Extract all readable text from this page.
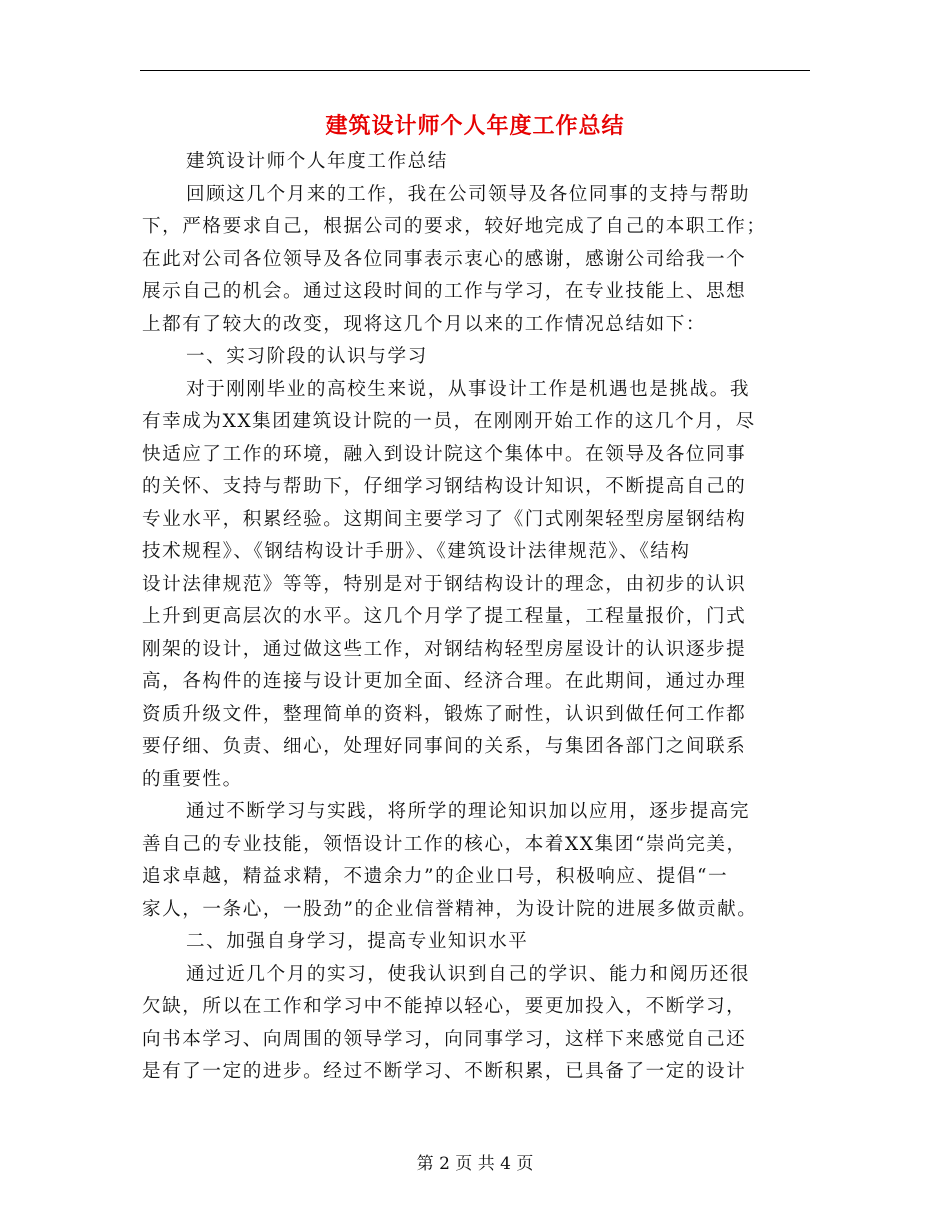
建筑设计师个人年度工作总结
建筑设计师个人年度工作总结
回顾这几个月来的工作，我在公司领导及各位同事的支持与帮助
下，严格要求自己，根据公司的要求，较好地完成了自己的本职工作；
在此对公司各位领导及各位同事表示衷心的感谢，感谢公司给我一个
展示自己的机会。通过这段时间的工作与学习，在专业技能上、思想
上都有了较大的改变，现将这几个月以来的工作情况总结如下：
一、实习阶段的认识与学习
对于刚刚毕业的高校生来说，从事设计工作是机遇也是挑战。我
有幸成为XX集团建筑设计院的一员，在刚刚开始工作的这几个月，尽
快适应了工作的环境，融入到设计院这个集体中。在领导及各位同事
的关怀、支持与帮助下，仔细学习钢结构设计知识，不断提高自己的
专业水平，积累经验。这期间主要学习了《门式刚架轻型房屋钢结构
技术规程》、《钢结构设计手册》、《建筑设计法律规范》、《结构
设计法律规范》等等，特别是对于钢结构设计的理念，由初步的认识
上升到更高层次的水平。这几个月学了提工程量，工程量报价，门式
刚架的设计，通过做这些工作，对钢结构轻型房屋设计的认识逐步提
高，各构件的连接与设计更加全面、经济合理。在此期间，通过办理
资质升级文件，整理简单的资料，锻炼了耐性，认识到做任何工作都
要仔细、负责、细心，处理好同事间的关系，与集团各部门之间联系
的重要性。
通过不断学习与实践，将所学的理论知识加以应用，逐步提高完
善自己的专业技能，领悟设计工作的核心，本着XX集团“崇尚完美，
追求卓越，精益求精，不遗余力”的企业口号，积极响应、提倡“一
家人，一条心，一股劲”的企业信誉精神，为设计院的进展多做贡献。
二、加强自身学习，提高专业知识水平
通过近几个月的实习，使我认识到自己的学识、能力和阅历还很
欠缺，所以在工作和学习中不能掉以轻心，要更加投入，不断学习，
向书本学习、向周围的领导学习，向同事学习，这样下来感觉自己还
是有了一定的进步。经过不断学习、不断积累，已具备了一定的设计
第 2 页 共 4 页
